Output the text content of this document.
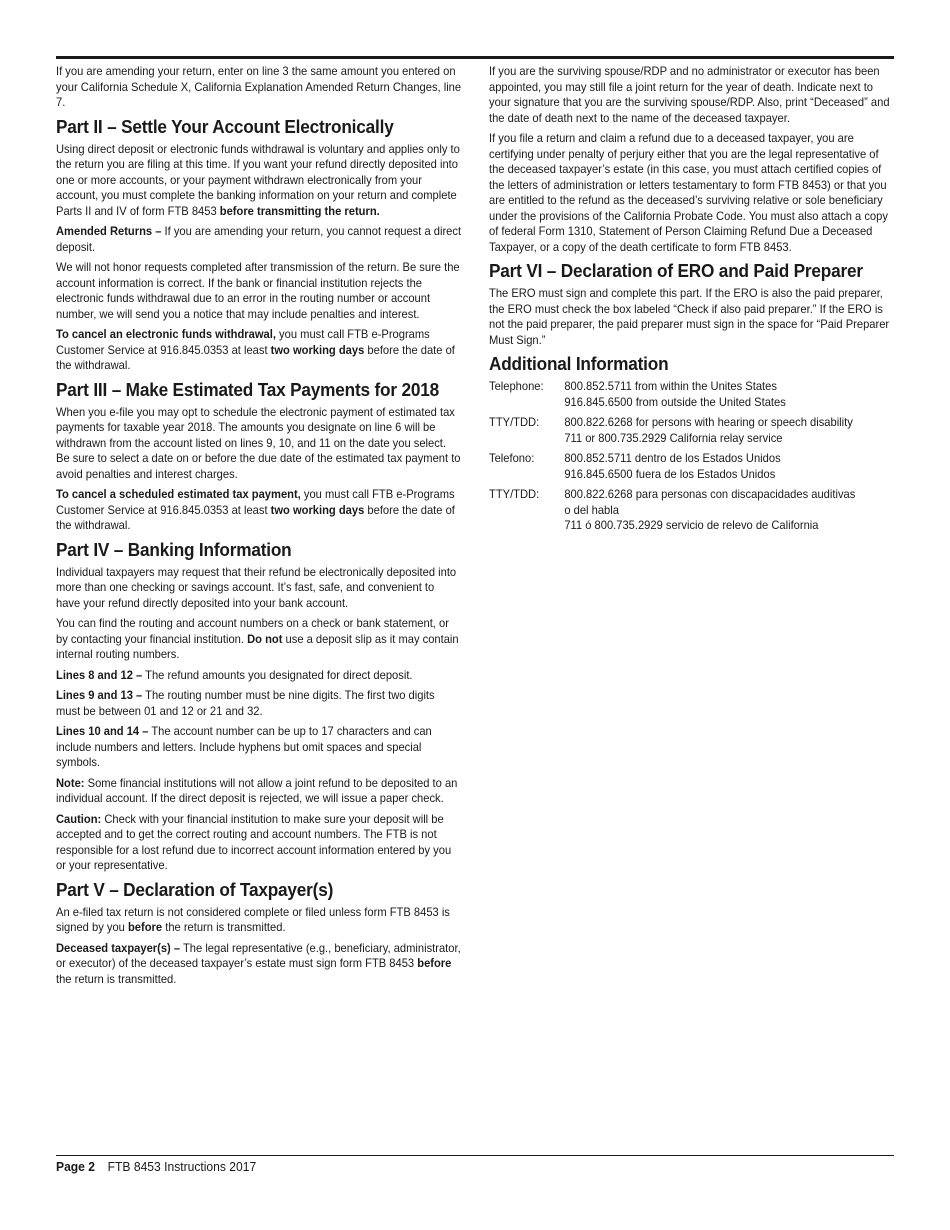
If you are amending your return, enter on line 3 the same amount you entered on your California Schedule X, California Explanation Amended Return Changes, line 7.

Part II – Settle Your Account Electronically

Using direct deposit or electronic funds withdrawal is voluntary and applies only to the return you are filing at this time. If you want your refund directly deposited into one or more accounts, or your payment withdrawn electronically from your account, you must complete the banking information on your return and complete Parts II and IV of form FTB 8453 before transmitting the return.

Amended Returns – If you are amending your return, you cannot request a direct deposit.

We will not honor requests completed after transmission of the return. Be sure the account information is correct. If the bank or financial institution rejects the electronic funds withdrawal due to an error in the routing number or account number, we will send you a notice that may include penalties and interest.

To cancel an electronic funds withdrawal, you must call FTB e-Programs Customer Service at 916.845.0353 at least two working days before the date of the withdrawal.

Part III – Make Estimated Tax Payments for 2018

When you e-file you may opt to schedule the electronic payment of estimated tax payments for taxable year 2018. The amounts you designate on line 6 will be withdrawn from the account listed on lines 9, 10, and 11 on the date you select. Be sure to select a date on or before the due date of the estimated tax payment to avoid penalties and interest charges.

To cancel a scheduled estimated tax payment, you must call FTB e-Programs Customer Service at 916.845.0353 at least two working days before the date of the withdrawal.

Part IV – Banking Information

Individual taxpayers may request that their refund be electronically deposited into more than one checking or savings account. It’s fast, safe, and convenient to have your refund directly deposited into your bank account.

You can find the routing and account numbers on a check or bank statement, or by contacting your financial institution. Do not use a deposit slip as it may contain internal routing numbers.

Lines 8 and 12 – The refund amounts you designated for direct deposit.

Lines 9 and 13 – The routing number must be nine digits. The first two digits must be between 01 and 12 or 21 and 32.

Lines 10 and 14 – The account number can be up to 17 characters and can include numbers and letters. Include hyphens but omit spaces and special symbols.

Note: Some financial institutions will not allow a joint refund to be deposited to an individual account. If the direct deposit is rejected, we will issue a paper check.

Caution: Check with your financial institution to make sure your deposit will be accepted and to get the correct routing and account numbers. The FTB is not responsible for a lost refund due to incorrect account information entered by you or your representative.

Part V – Declaration of Taxpayer(s)

An e-filed tax return is not considered complete or filed unless form FTB 8453 is signed by you before the return is transmitted.

Deceased taxpayer(s) – The legal representative (e.g., beneficiary, administrator, or executor) of the deceased taxpayer’s estate must sign form FTB 8453 before the return is transmitted.

If you are the surviving spouse/RDP and no administrator or executor has been appointed, you may still file a joint return for the year of death. Indicate next to your signature that you are the surviving spouse/RDP. Also, print “Deceased” and the date of death next to the name of the deceased taxpayer.

If you file a return and claim a refund due to a deceased taxpayer, you are certifying under penalty of perjury either that you are the legal representative of the deceased taxpayer’s estate (in this case, you must attach certified copies of the letters of administration or letters testamentary to form FTB 8453) or that you are entitled to the refund as the deceased’s surviving relative or sole beneficiary under the provisions of the California Probate Code. You must also attach a copy of federal Form 1310, Statement of Person Claiming Refund Due a Deceased Taxpayer, or a copy of the death certificate to form FTB 8453.

Part VI – Declaration of ERO and Paid Preparer

The ERO must sign and complete this part. If the ERO is also the paid preparer, the ERO must check the box labeled “Check if also paid preparer.” If the ERO is not the paid preparer, the paid preparer must sign in the space for “Paid Preparer Must Sign.”

Additional Information
Telephone:	800.852.5711 from within the Unites States
916.845.6500 from outside the United States
TTY/TDD:	800.822.6268 for persons with hearing or speech disability
711 or 800.735.2929 California relay service
Telefono:	800.852.5711 dentro de los Estados Unidos
916.845.6500 fuera de los Estados Unidos
TTY/TDD:	800.822.6268 para personas con discapacidades auditivas
o del habla
711 ó 800.735.2929 servicio de relevo de California
Page 2 FTB 8453 Instructions 2017
